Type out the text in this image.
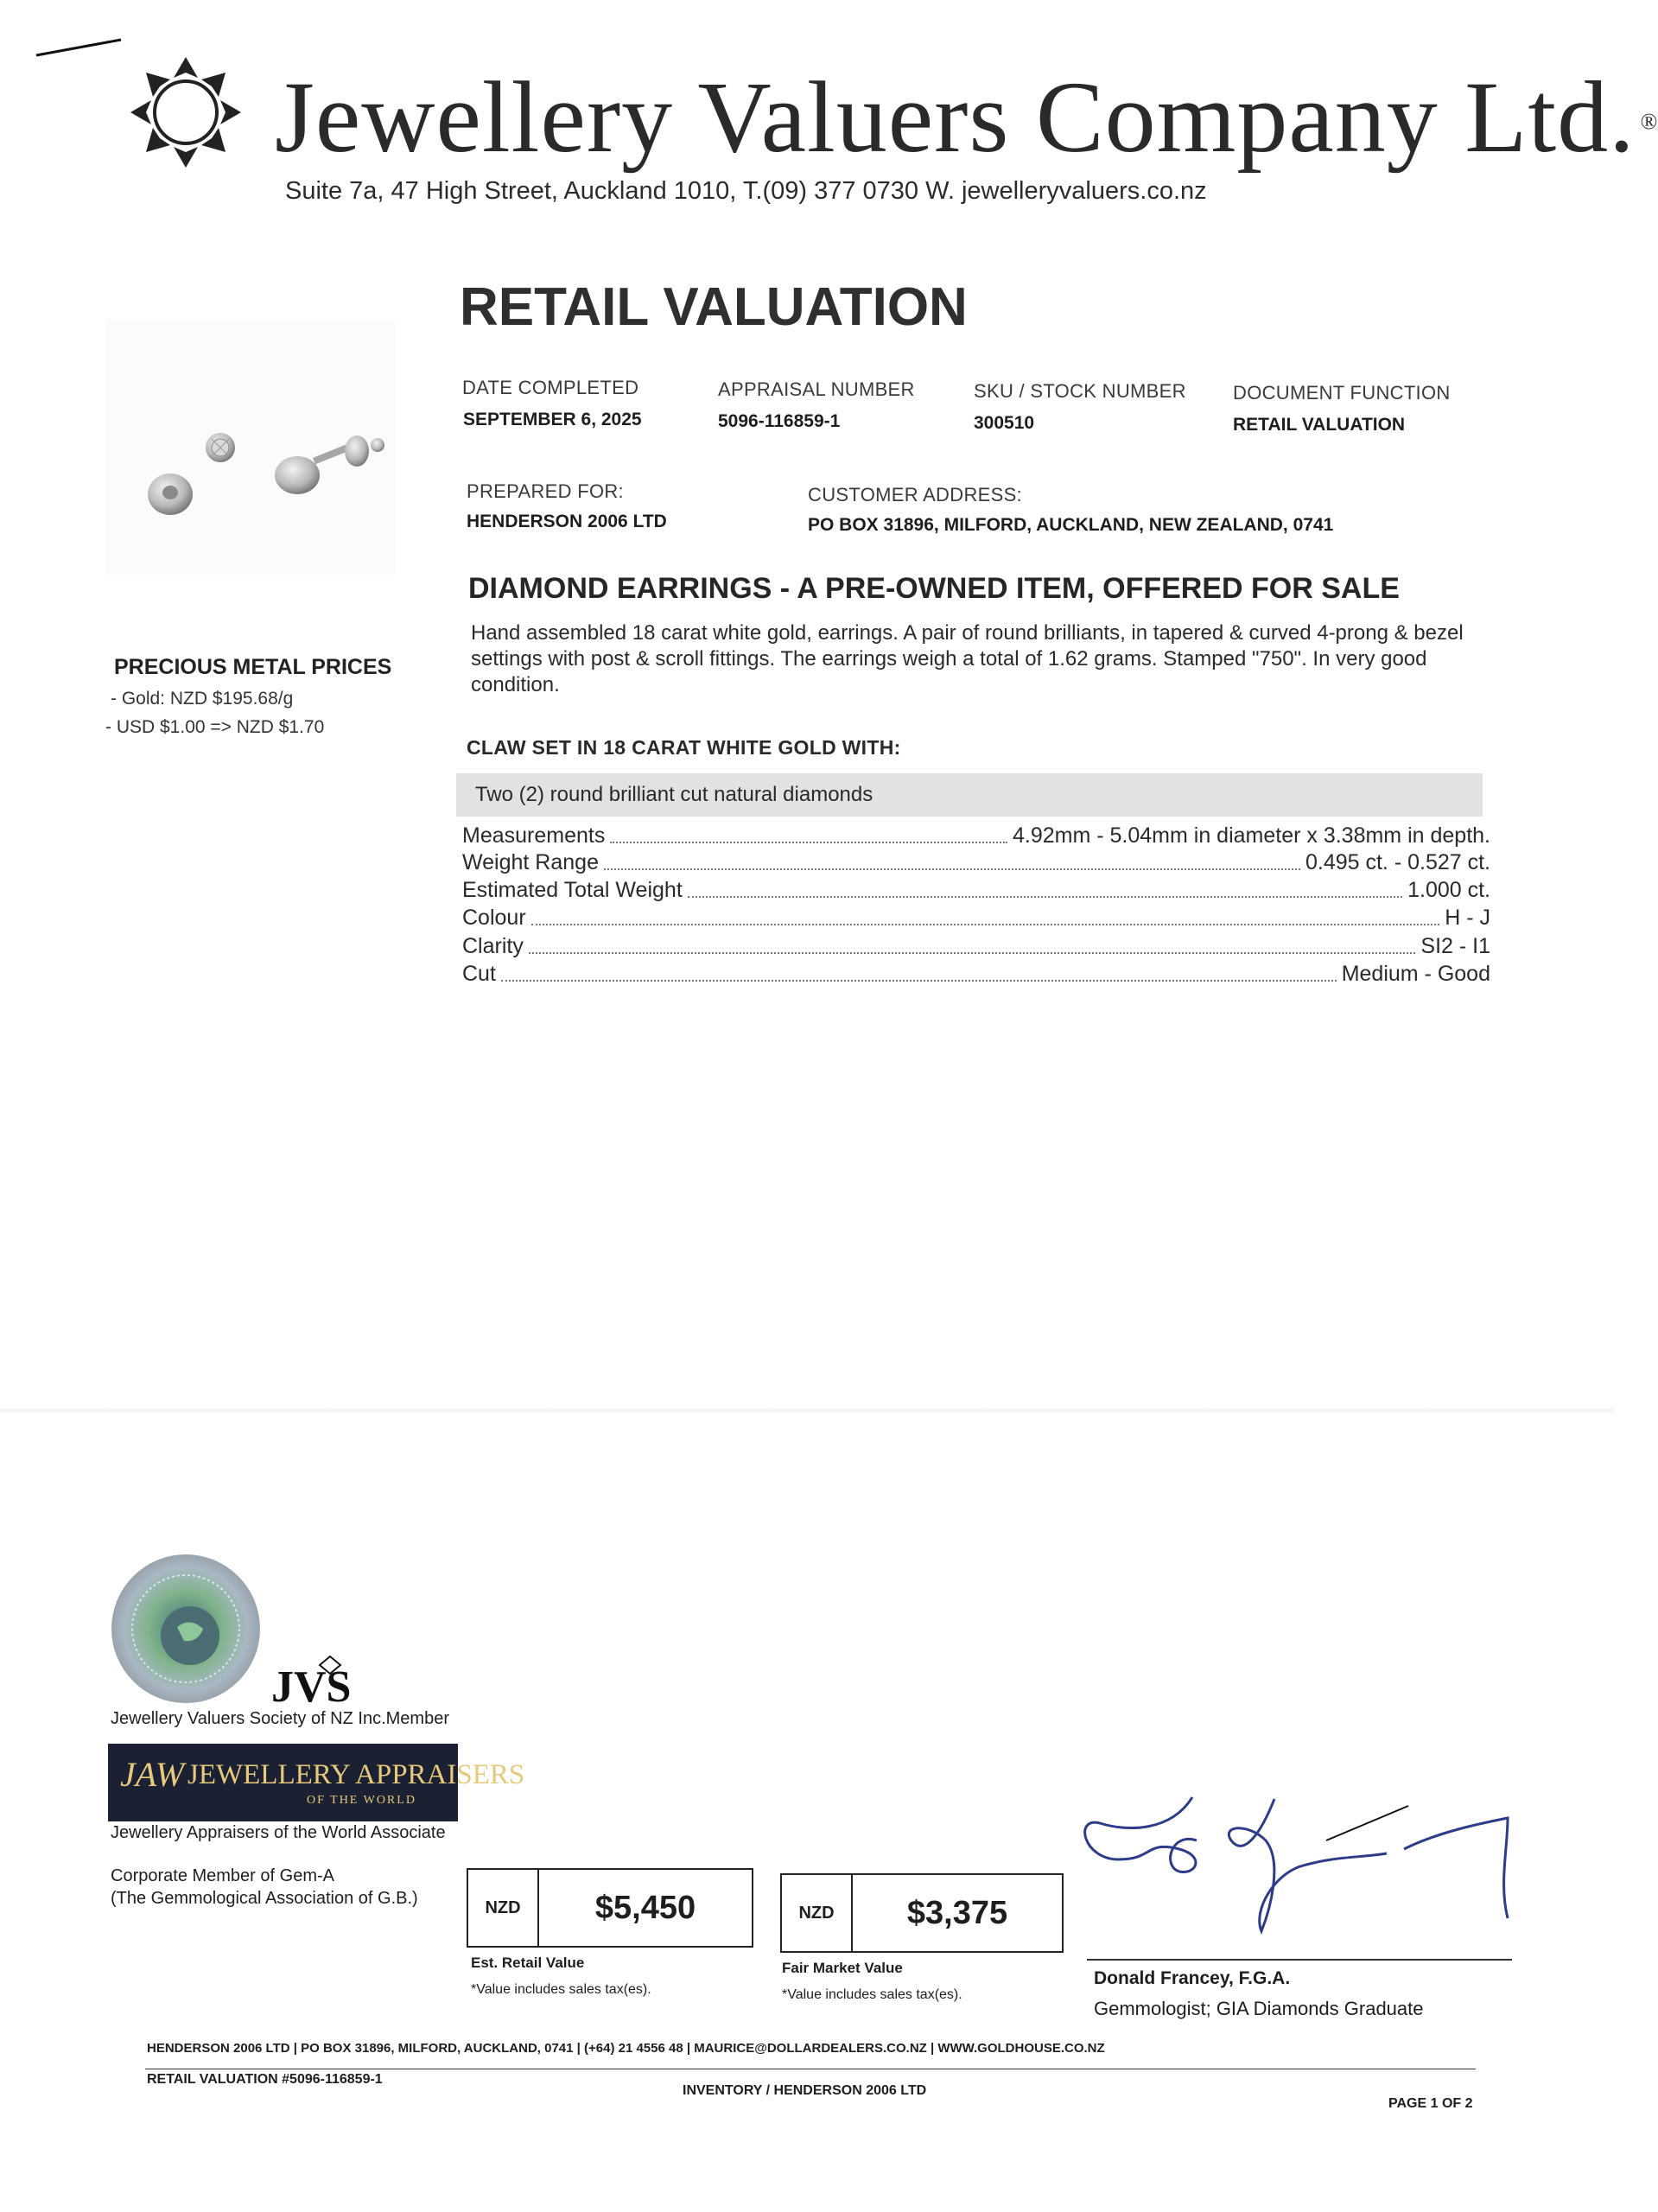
Jewellery Valuers Company Ltd. ®
Suite 7a, 47 High Street, Auckland 1010, T.(09) 377 0730 W. jewelleryvaluers.co.nz
RETAIL VALUATION
DATE COMPLETED
SEPTEMBER 6, 2025
APPRAISAL NUMBER
5096-116859-1
SKU / STOCK NUMBER
300510
DOCUMENT FUNCTION
RETAIL VALUATION
PREPARED FOR:
HENDERSON 2006 LTD
CUSTOMER ADDRESS:
PO BOX 31896, MILFORD, AUCKLAND, NEW ZEALAND, 0741
PRECIOUS METAL PRICES
- Gold: NZD $195.68/g
- USD $1.00 => NZD $1.70
DIAMOND EARRINGS - A PRE-OWNED ITEM, OFFERED FOR SALE
Hand assembled 18 carat white gold, earrings. A pair of round brilliants, in tapered & curved 4-prong & bezel settings with post & scroll fittings. The earrings weigh a total of 1.62 grams. Stamped "750". In very good condition.
CLAW SET IN 18 CARAT WHITE GOLD WITH:
Two (2) round brilliant cut natural diamonds
Measurements	4.92mm - 5.04mm in diameter x 3.38mm in depth.
Weight Range	0.495 ct. - 0.527 ct.
Estimated Total Weight	1.000 ct.
Colour	H - J
Clarity	SI2 - I1
Cut	Medium - Good
JVS
Jewellery Valuers Society of NZ Inc.Member
JAW JEWELLERY APPRAISERS
OF THE WORLD
Jewellery Appraisers of the World Associate
Corporate Member of Gem-A
(The Gemmological Association of G.B.)	NZD	$5,450
Est. Retail Value
*Value includes sales tax(es).
NZD	$3,375
Fair Market Value
*Value includes sales tax(es).
Donald Francey, F.G.A.
Gemmologist; GIA Diamonds Graduate
HENDERSON 2006 LTD | PO BOX 31896, MILFORD, AUCKLAND, 0741 | (+64) 21 4556 48 | MAURICE@DOLLARDEALERS.CO.NZ | WWW.GOLDHOUSE.CO.NZ
RETAIL VALUATION #5096-116859-1
INVENTORY / HENDERSON 2006 LTD
PAGE 1 OF 2
